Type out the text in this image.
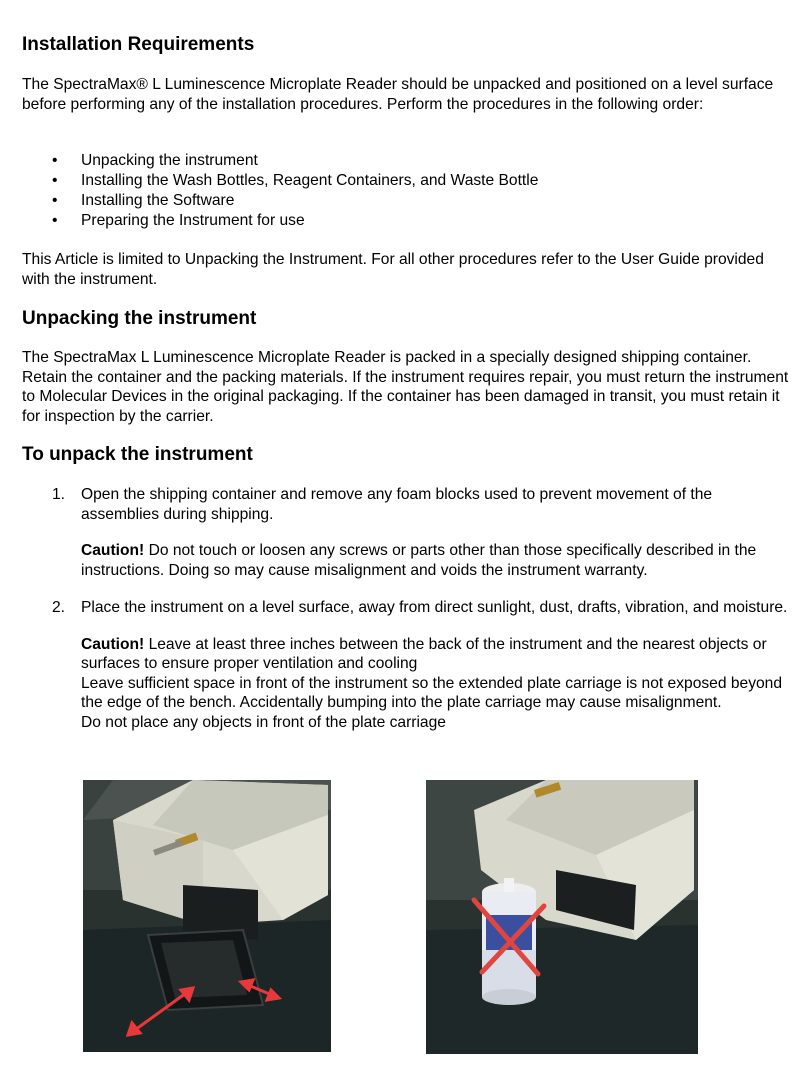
Installation Requirements

The SpectraMax® L Luminescence Microplate Reader should be unpacked and positioned on a level surface before performing any of the installation procedures. Perform the procedures in the following order:

• Unpacking the instrument
• Installing the Wash Bottles, Reagent Containers, and Waste Bottle
• Installing the Software
• Preparing the Instrument for use

This Article is limited to Unpacking the Instrument. For all other procedures refer to the User Guide provided with the instrument.

Unpacking the instrument

The SpectraMax L Luminescence Microplate Reader is packed in a specially designed shipping container. Retain the container and the packing materials. If the instrument requires repair, you must return the instrument to Molecular Devices in the original packaging. If the container has been damaged in transit, you must retain it for inspection by the carrier.

To unpack the instrument
1. Open the shipping container and remove any foam blocks used to prevent movement of the assemblies during shipping.
Caution! Do not touch or loosen any screws or parts other than those specifically described in the instructions. Doing so may cause misalignment and voids the instrument warranty.
2. Place the instrument on a level surface, away from direct sunlight, dust, drafts, vibration, and moisture.
Caution! Leave at least three inches between the back of the instrument and the nearest objects or surfaces to ensure proper ventilation and cooling
Leave sufficient space in front of the instrument so the extended plate carriage is not exposed beyond the edge of the bench. Accidentally bumping into the plate carriage may cause misalignment.
Do not place any objects in front of the plate carriage
